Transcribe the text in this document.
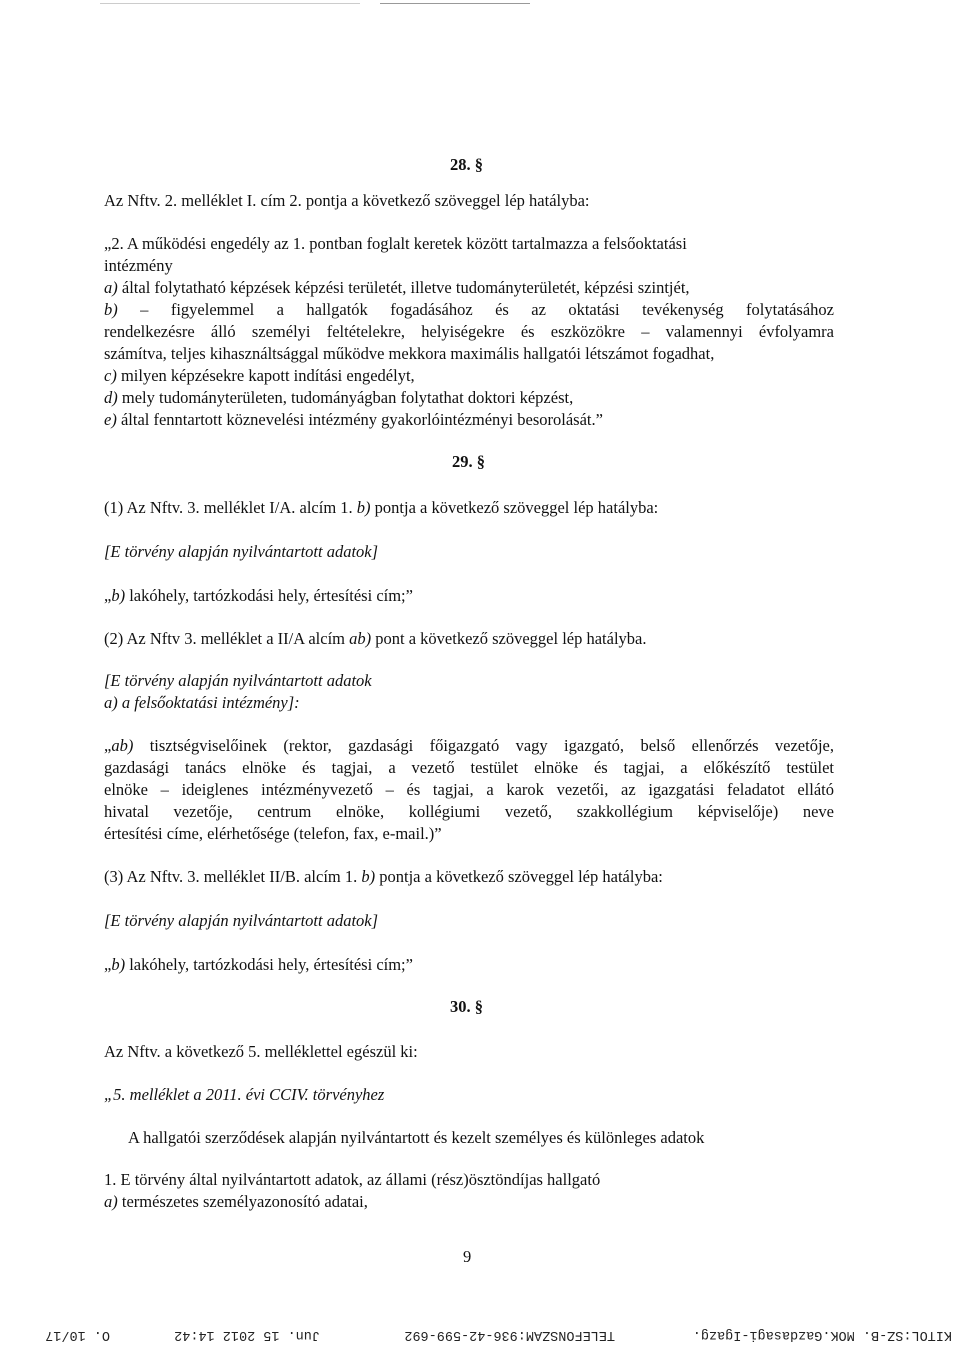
28. §

Az Nftv. 2. melléklet I. cím 2. pontja a következő szöveggel lép hatályba:

„2. A működési engedély az 1. pontban foglalt keretek között tartalmazza a felsőoktatási

intézmény

a) által folytatható képzések képzési területét, illetve tudományterületét, képzési szintjét,

b) – figyelemmel a hallgatók fogadásához és az oktatási tevékenység folytatásához

rendelkezésre álló személyi feltételekre, helyiségekre és eszközökre – valamennyi évfolyamra

számítva, teljes kihasználtsággal működve mekkora maximális hallgatói létszámot fogadhat,

c) milyen képzésekre kapott indítási engedélyt,

d) mely tudományterületen, tudományágban folytathat doktori képzést,

e) által fenntartott köznevelési intézmény gyakorlóintézményi besorolását.”

29. §

(1) Az Nftv. 3. melléklet I/A. alcím 1. b) pontja a következő szöveggel lép hatályba:

[E törvény alapján nyilvántartott adatok]

„b) lakóhely, tartózkodási hely, értesítési cím;”

(2) Az Nftv 3. melléklet a II/A alcím ab) pont a következő szöveggel lép hatályba.

[E törvény alapján nyilvántartott adatok

a) a felsőoktatási intézmény]:

„ab) tisztségviselőinek (rektor, gazdasági főigazgató vagy igazgató, belső ellenőrzés vezetője,

gazdasági tanács elnöke és tagjai, a vezető testület elnöke és tagjai, a előkészítő testület

elnöke – ideiglenes intézményvezető – és tagjai, a karok vezetői, az igazgatási feladatot ellátó

hivatal vezetője, centrum elnöke, kollégiumi vezető, szakkollégium képviselője) neve

értesítési címe, elérhetősége (telefon, fax, e-mail.)”

(3) Az Nftv. 3. melléklet II/B. alcím 1. b) pontja a következő szöveggel lép hatályba:

[E törvény alapján nyilvántartott adatok]

„b) lakóhely, tartózkodási hely, értesítési cím;”

30. §

Az Nftv. a következő 5. melléklettel egészül ki:

„5. melléklet a 2011. évi CCIV. törvényhez

A hallgatói szerződések alapján nyilvántartott és kezelt személyes és különleges adatok

1. E törvény által nyilvántartott adatok, az állami (rész)ösztöndíjas hallgató

a) természetes személyazonosító adatai,

9
KITOL:SZ-B. MOK.Gazdasagi-Igazg.
TELEFONSZAM:936-42-599-692
Jun. 15 2012 14:42
O. 10/17
